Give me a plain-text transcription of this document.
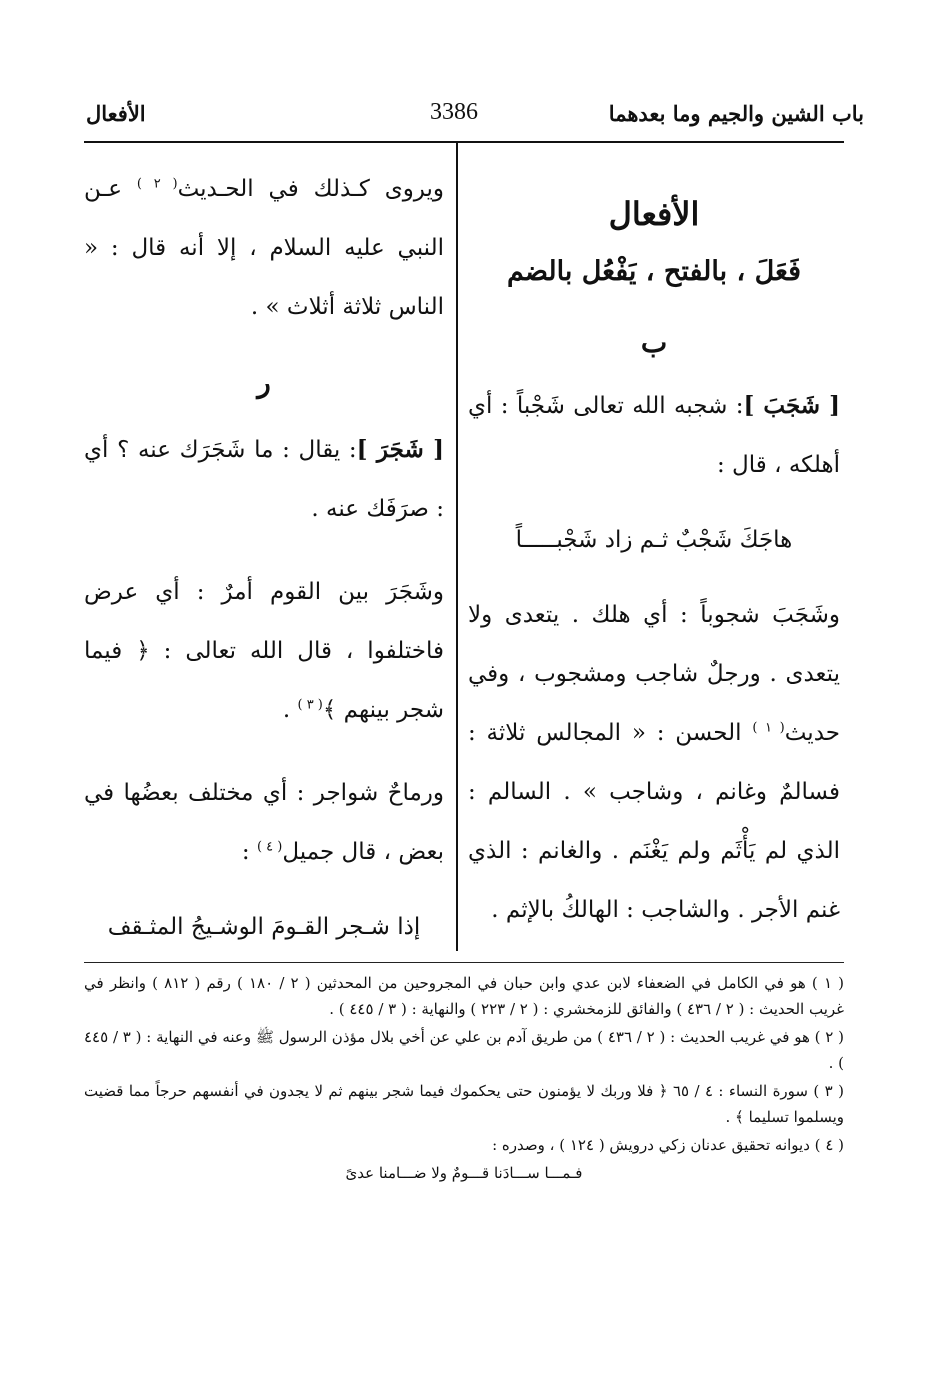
باب الشين والجيم وما بعدهما
3386
الأفعال
الأفعال
فَعَلَ ، بالفتح ، يَفْعُل بالضم
ب

[ شَجَبَ ]: شجبه الله تعالى شَجْباً : أي أهلكه ، قال :

هاجَكَ شَجْبٌ ثـم زاد شَجْبـــــاً

وشَجَبَ شجوباً : أي هلك . يتعدى ولا يتعدى . ورجلٌ شاجب ومشجوب ، وفي حديث$^{( ١ )}$ الحسن : « المجالس ثلاثة : فسالمٌ وغانم ، وشاجب » . السالم : الذي لم يَأْثَم ولم يَغْنَم . والغانم : الذي غنم الأجر . والشاجب : الهالكُ بالإثم .

ويروى كـذلك في الحـديث$^{( ٢ )}$ عـن النبي عليه السلام ، إلا أنه قال : « الناس ثلاثة أثلاث » .

ر

[ شَجَرَ ]: يقال : ما شَجَرَك عنه ؟ أي : صرَفَك عنه .

وشَجَرَ بين القوم أمرٌ : أي عرض فاختلفوا ، قال الله تعالى : ﴿ فيما شجر بينهم ﴾$^{( ٣ )}$ .

ورماحٌ شواجر : أي مختلف بعضُها في بعض ، قال جميل$^{( ٤ )}$ :

إذا شـجر القـومَ الوشـيجُ المثـقف

( ١ ) هو في الكامل في الضعفاء لابن عدي وابن حبان في المجروحين من المحدثين ( ٢ / ١٨٠ ) رقم ( ٨١٢ ) وانظر في غريب الحديث : ( ٢ / ٤٣٦ ) والفائق للزمخشري : ( ٢ / ٢٢٣ ) والنهاية : ( ٣ / ٤٤٥ ) .

( ٢ ) هو في غريب الحديث : ( ٢ / ٤٣٦ ) من طريق آدم بن علي عن أخي بلال مؤذن الرسول ﷺ وعنه في النهاية : ( ٣ / ٤٤٥ ) .

( ٣ ) سورة النساء : ٤ / ٦٥ ﴿ فلا وربك لا يؤمنون حتى يحكموك فيما شجر بينهم ثم لا يجدون في أنفسهم حرجاً مما قضيت ويسلموا تسليما ﴾ .

( ٤ ) ديوانه تحقيق عدنان زكي درويش ( ١٢٤ ) ، وصدره :

فـمـــا ســـادَنا قـــومٌ ولا ضـــامنا عدىً
